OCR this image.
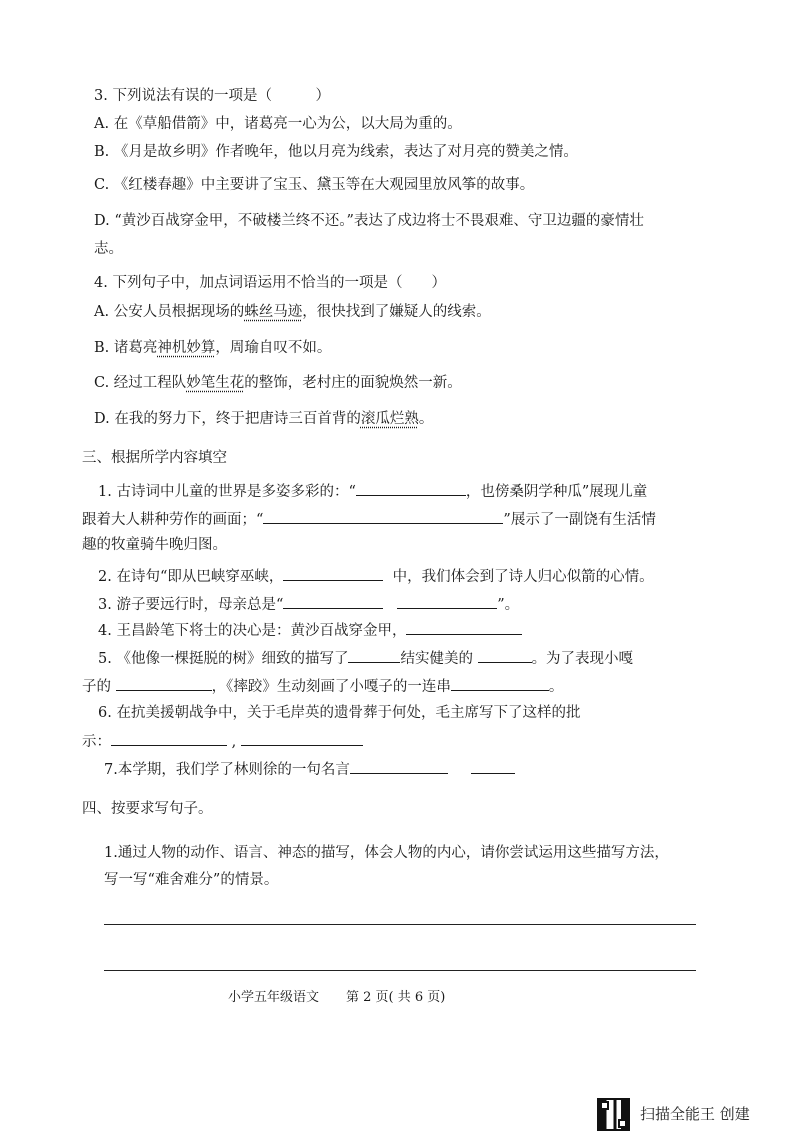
3. 下列说法有误的一项是（　　　）
A. 在《草船借箭》中，诸葛亮一心为公，以大局为重的。
B. 《月是故乡明》作者晚年，他以月亮为线索，表达了对月亮的赞美之情。
C. 《红楼春趣》中主要讲了宝玉、黛玉等在大观园里放风筝的故事。
D. “黄沙百战穿金甲，不破楼兰终不还。”表达了戍边将士不畏艰难、守卫边疆的豪情壮
志。
4. 下列句子中，加点词语运用不恰当的一项是（　　）
A. 公安人员根据现场的蛛丝马迹，很快找到了嫌疑人的线索。
B. 诸葛亮神机妙算，周瑜自叹不如。
C. 经过工程队妙笔生花的整饰，老村庄的面貌焕然一新。
D. 在我的努力下，终于把唐诗三百首背的滚瓜烂熟。
三、根据所学内容填空
1. 古诗词中儿童的世界是多姿多彩的：“	，也傍桑阴学种瓜”展现儿童
跟着大人耕种劳作的画面；“	”展示了一副饶有生活情
趣的牧童骑牛晚归图。
2. 在诗句“即从巴峡穿巫峡，	中，我们体会到了诗人归心似箭的心情。
3. 游子要远行时，母亲总是“	”。
4. 王昌龄笔下将士的决心是：黄沙百战穿金甲，
5. 《他像一棵挺脱的树》细致的描写了	结实健美的	。为了表现小嘎
子的	，《摔跤》生动刻画了小嘎子的一连串	。
6. 在抗美援朝战争中，关于毛岸英的遗骨葬于何处，毛主席写下了这样的批
示：	,
7.本学期，我们学了林则徐的一句名言
四、按要求写句子。
1.通过人物的动作、语言、神态的描写，体会人物的内心，请你尝试运用这些描写方法，
写一写“难舍难分”的情景。
小学五年级语文 第 2 页( 共 6 页)
扫描全能王 创建
